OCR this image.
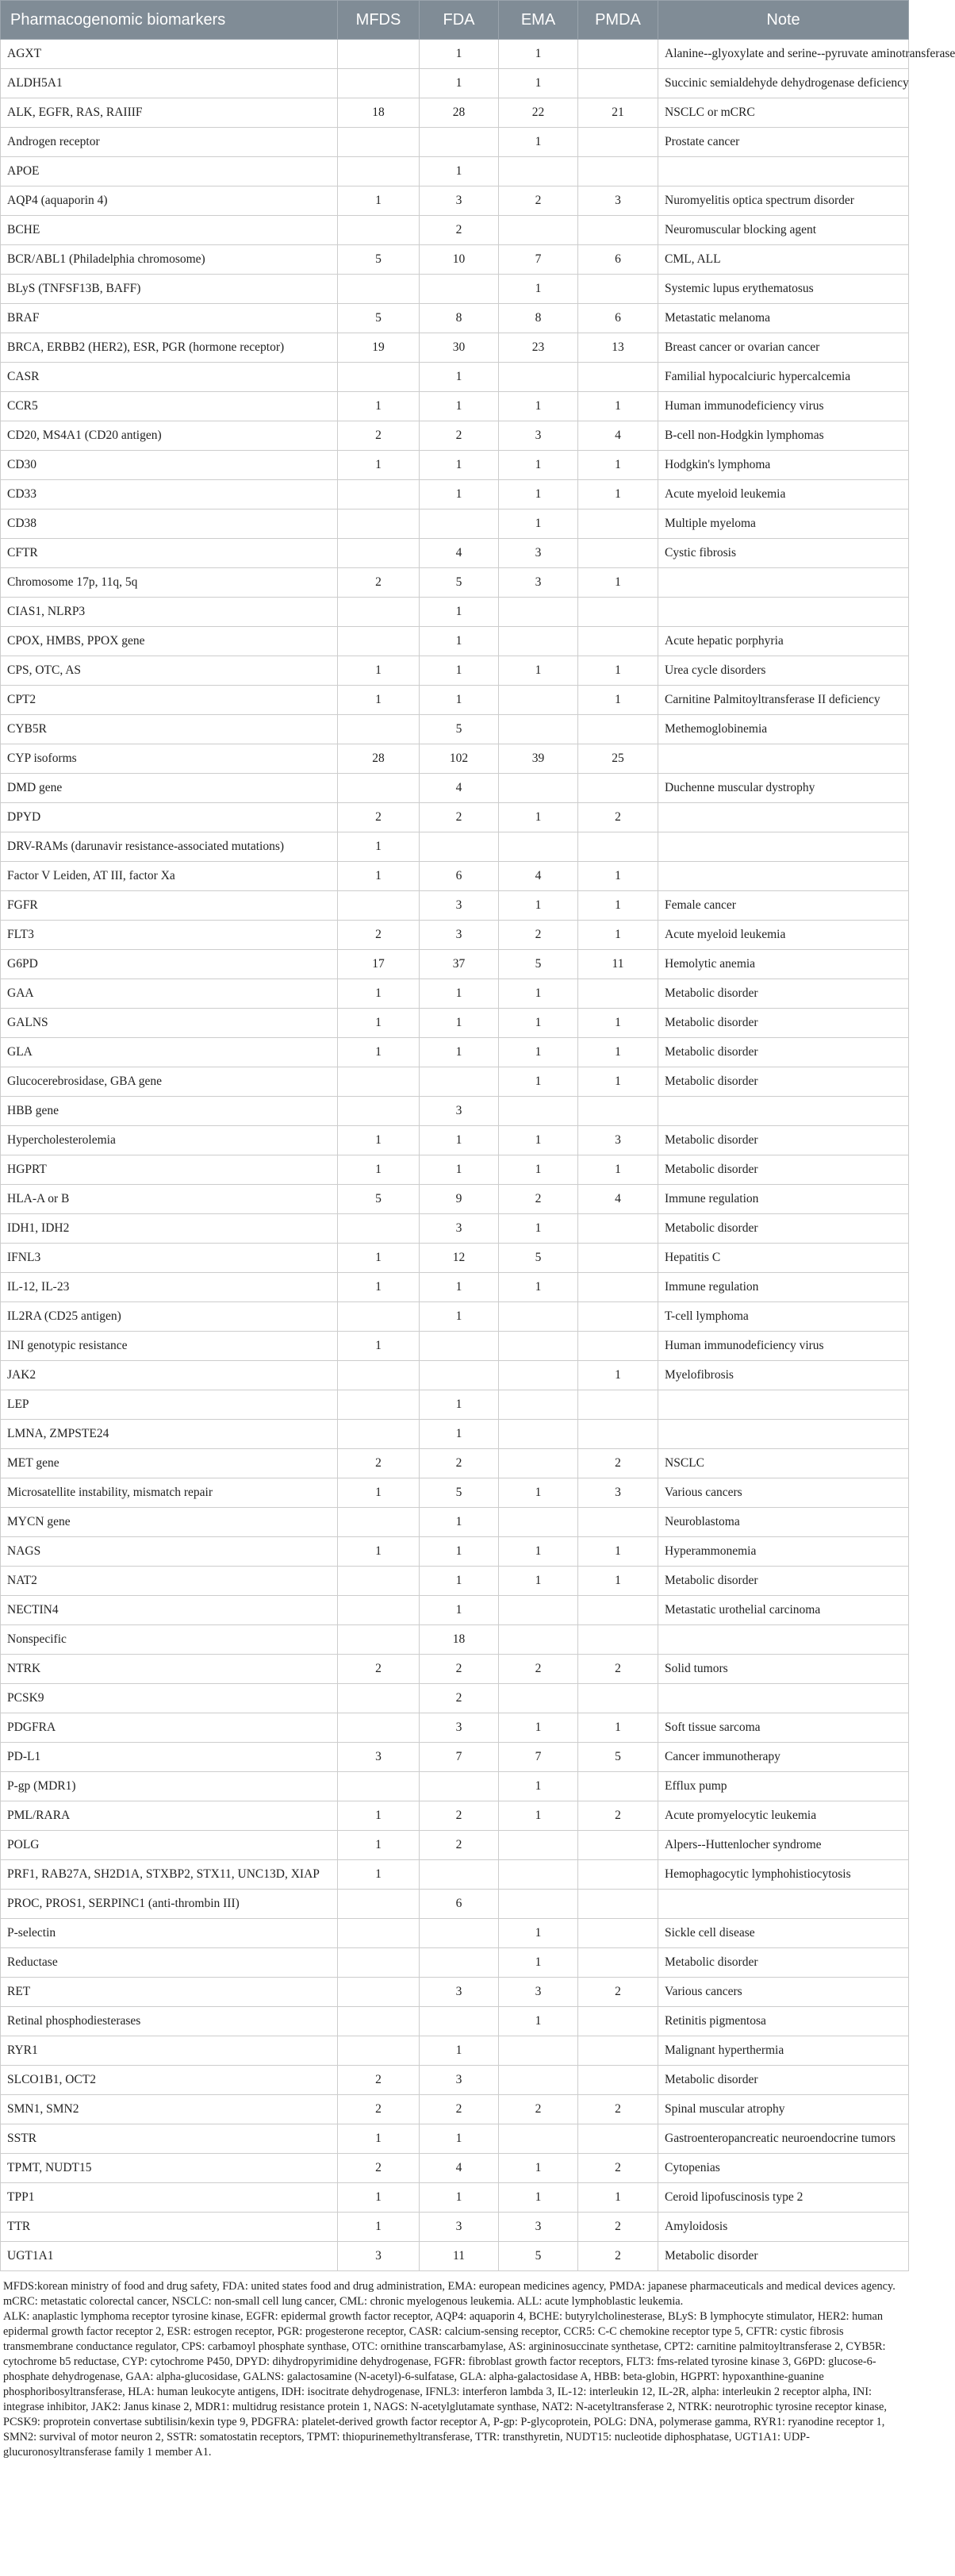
Pharmacogenomic biomarkers	MFDS	FDA	EMA	PMDA	Note
AGXT		1	1		Alanine--glyoxylate and serine--pyruvate aminotransferase
ALDH5A1		1	1		Succinic semialdehyde dehydrogenase deficiency
ALK, EGFR, RAS, RAIIIF	18	28	22	21	NSCLC or mCRC
Androgen receptor			1		Prostate cancer
APOE		1			
AQP4 (aquaporin 4)	1	3	2	3	Nuromyelitis optica spectrum disorder
BCHE		2			Neuromuscular blocking agent
BCR/ABL1 (Philadelphia chromosome)	5	10	7	6	CML, ALL
BLyS (TNFSF13B, BAFF)			1		Systemic lupus erythematosus
BRAF	5	8	8	6	Metastatic melanoma
BRCA, ERBB2 (HER2), ESR, PGR (hormone receptor)	19	30	23	13	Breast cancer or ovarian cancer
CASR		1			Familial hypocalciuric hypercalcemia
CCR5	1	1	1	1	Human immunodeficiency virus
CD20, MS4A1 (CD20 antigen)	2	2	3	4	B-cell non-Hodgkin lymphomas
CD30	1	1	1	1	Hodgkin's lymphoma
CD33		1	1	1	Acute myeloid leukemia
CD38			1		Multiple myeloma
CFTR		4	3		Cystic fibrosis
Chromosome 17p, 11q, 5q	2	5	3	1	
CIAS1, NLRP3		1			
CPOX, HMBS, PPOX gene		1			Acute hepatic porphyria
CPS, OTC, AS	1	1	1	1	Urea cycle disorders
CPT2	1	1		1	Carnitine Palmitoyltransferase II deficiency
CYB5R		5			Methemoglobinemia
CYP isoforms	28	102	39	25	
DMD gene		4			Duchenne muscular dystrophy
DPYD	2	2	1	2	
DRV-RAMs (darunavir resistance-associated mutations)	1				
Factor V Leiden, AT III, factor Xa	1	6	4	1	
FGFR		3	1	1	Female cancer
FLT3	2	3	2	1	Acute myeloid leukemia
G6PD	17	37	5	11	Hemolytic anemia
GAA	1	1	1		Metabolic disorder
GALNS	1	1	1	1	Metabolic disorder
GLA	1	1	1	1	Metabolic disorder
Glucocerebrosidase, GBA gene			1	1	Metabolic disorder
HBB gene		3			
Hypercholesterolemia	1	1	1	3	Metabolic disorder
HGPRT	1	1	1	1	Metabolic disorder
HLA-A or B	5	9	2	4	Immune regulation
IDH1, IDH2		3	1		Metabolic disorder
IFNL3	1	12	5		Hepatitis C
IL-12, IL-23	1	1	1		Immune regulation
IL2RA (CD25 antigen)		1			T-cell lymphoma
INI genotypic resistance	1				Human immunodeficiency virus
JAK2				1	Myelofibrosis
LEP		1			
LMNA, ZMPSTE24		1			
MET gene	2	2		2	NSCLC
Microsatellite instability, mismatch repair	1	5	1	3	Various cancers
MYCN gene		1			Neuroblastoma
NAGS	1	1	1	1	Hyperammonemia
NAT2		1	1	1	Metabolic disorder
NECTIN4		1			Metastatic urothelial carcinoma
Nonspecific		18			
NTRK	2	2	2	2	Solid tumors
PCSK9		2			
PDGFRA		3	1	1	Soft tissue sarcoma
PD-L1	3	7	7	5	Cancer immunotherapy
P-gp (MDR1)			1		Efflux pump
PML/RARA	1	2	1	2	Acute promyelocytic leukemia
POLG	1	2			Alpers--Huttenlocher syndrome
PRF1, RAB27A, SH2D1A, STXBP2, STX11, UNC13D, XIAP	1				Hemophagocytic lymphohistiocytosis
PROC, PROS1, SERPINC1 (anti-thrombin III)		6			
P-selectin			1		Sickle cell disease
Reductase			1		Metabolic disorder
RET		3	3	2	Various cancers
Retinal phosphodiesterases			1		Retinitis pigmentosa
RYR1		1			Malignant hyperthermia
SLCO1B1, OCT2	2	3			Metabolic disorder
SMN1, SMN2	2	2	2	2	Spinal muscular atrophy
SSTR	1	1			Gastroenteropancreatic neuroendocrine tumors
TPMT, NUDT15	2	4	1	2	Cytopenias
TPP1	1	1	1	1	Ceroid lipofuscinosis type 2
TTR	1	3	3	2	Amyloidosis
UGT1A1	3	11	5	2	Metabolic disorder

MFDS:korean ministry of food and drug safety, FDA: united states food and drug administration, EMA: european medicines agency, PMDA: japanese pharmaceuticals and medical devices agency.

mCRC: metastatic colorectal cancer, NSCLC: non-small cell lung cancer, CML: chronic myelogenous leukemia. ALL: acute lymphoblastic leukemia.

ALK: anaplastic lymphoma receptor tyrosine kinase, EGFR: epidermal growth factor receptor, AQP4: aquaporin 4, BCHE: butyrylcholinesterase, BLyS: B lymphocyte stimulator, HER2: human epidermal growth factor receptor 2, ESR: estrogen receptor, PGR: progesterone receptor, CASR: calcium-sensing receptor, CCR5: C-C chemokine receptor type 5, CFTR: cystic fibrosis transmembrane conductance regulator, CPS: carbamoyl phosphate synthase, OTC: ornithine transcarbamylase, AS: argininosuccinate synthetase, CPT2: carnitine palmitoyltransferase 2, CYB5R: cytochrome b5 reductase, CYP: cytochrome P450, DPYD: dihydropyrimidine dehydrogenase, FGFR: fibroblast growth factor receptors, FLT3: fms-related tyrosine kinase 3, G6PD: glucose-6-phosphate dehydrogenase, GAA: alpha-glucosidase, GALNS: galactosamine (N-acetyl)-6-sulfatase, GLA: alpha-galactosidase A, HBB: beta-globin, HGPRT: hypoxanthine-guanine phosphoribosyltransferase, HLA: human leukocyte antigens, IDH: isocitrate dehydrogenase, IFNL3: interferon lambda 3, IL-12: interleukin 12, IL-2R, alpha: interleukin 2 receptor alpha, INI: integrase inhibitor, JAK2: Janus kinase 2, MDR1: multidrug resistance protein 1, NAGS: N-acetylglutamate synthase, NAT2: N-acetyltransferase 2, NTRK: neurotrophic tyrosine receptor kinase, PCSK9: proprotein convertase subtilisin/kexin type 9, PDGFRA: platelet-derived growth factor receptor A, P-gp: P-glycoprotein, POLG: DNA, polymerase gamma, RYR1: ryanodine receptor 1, SMN2: survival of motor neuron 2, SSTR: somatostatin receptors, TPMT: thiopurinemethyltransferase, TTR: transthyretin, NUDT15: nucleotide diphosphatase, UGT1A1: UDP-glucuronosyltransferase family 1 member A1.
